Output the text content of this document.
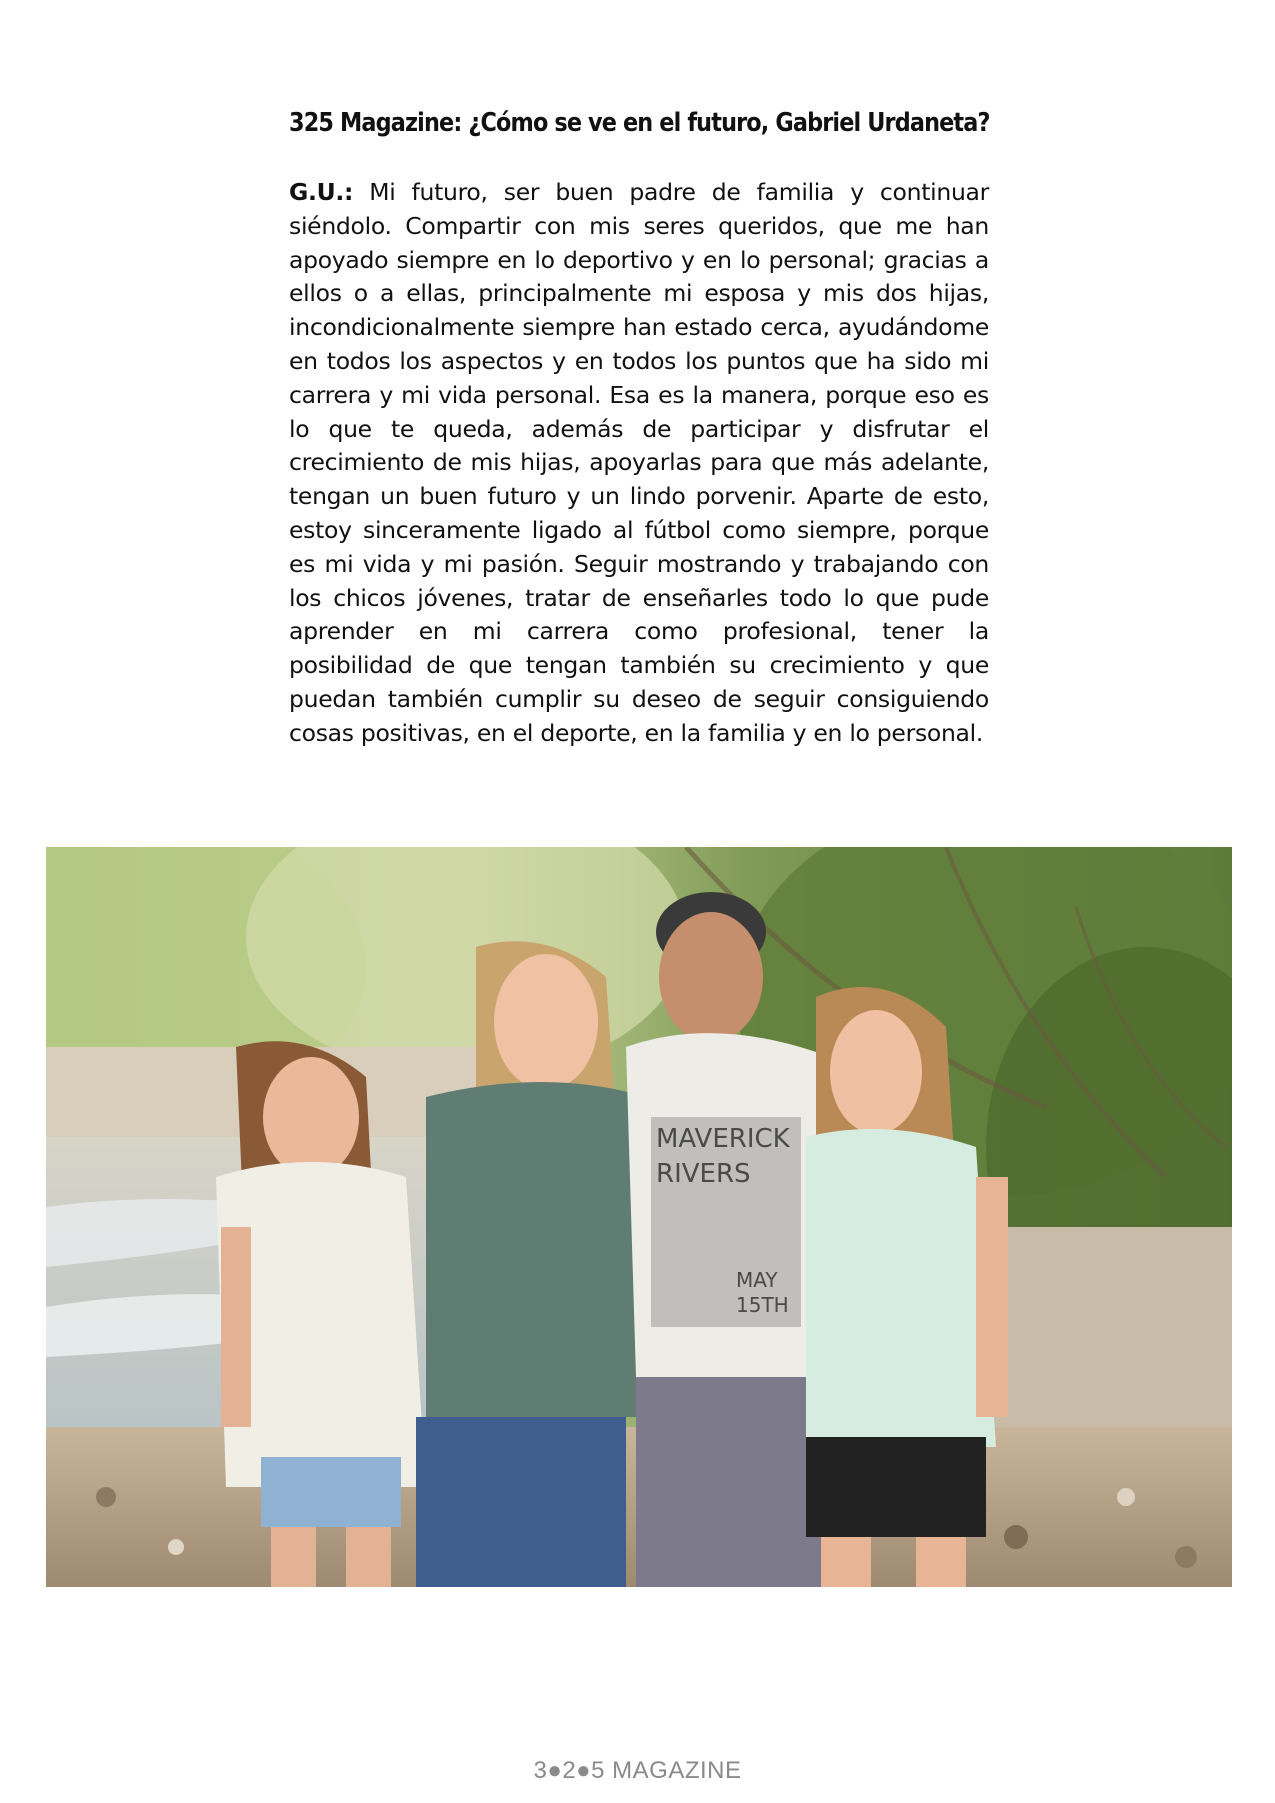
325 Magazine: ¿Cómo se ve en el futuro, Gabriel Urdaneta?

G.U.: Mi futuro, ser buen padre de familia y continuar siéndolo. Compartir con mis seres queridos, que me han apoyado siempre en lo deportivo y en lo personal; gracias a ellos o a ellas, principalmente mi esposa y mis dos hijas, incondicionalmente siempre han estado cerca, ayudándome en todos los aspectos y en todos los puntos que ha sido mi carrera y mi vida personal. Esa es la manera, porque eso es lo que te queda, además de participar y disfrutar el crecimiento de mis hijas, apoyarlas para que más adelante, tengan un buen futuro y un lindo porvenir. Aparte de esto, estoy sinceramente ligado al fútbol como siempre, porque es mi vida y mi pasión. Seguir mostrando y trabajando con los chicos jóvenes, tratar de enseñarles todo lo que pude aprender en mi carrera como profesional, tener la posibilidad de que tengan también su crecimiento y que puedan también cumplir su deseo de seguir consiguiendo cosas positivas, en el deporte, en la familia y en lo personal.

MAVERICK
RIVERS
MAY
15TH
3●2●5 MAGAZINE
